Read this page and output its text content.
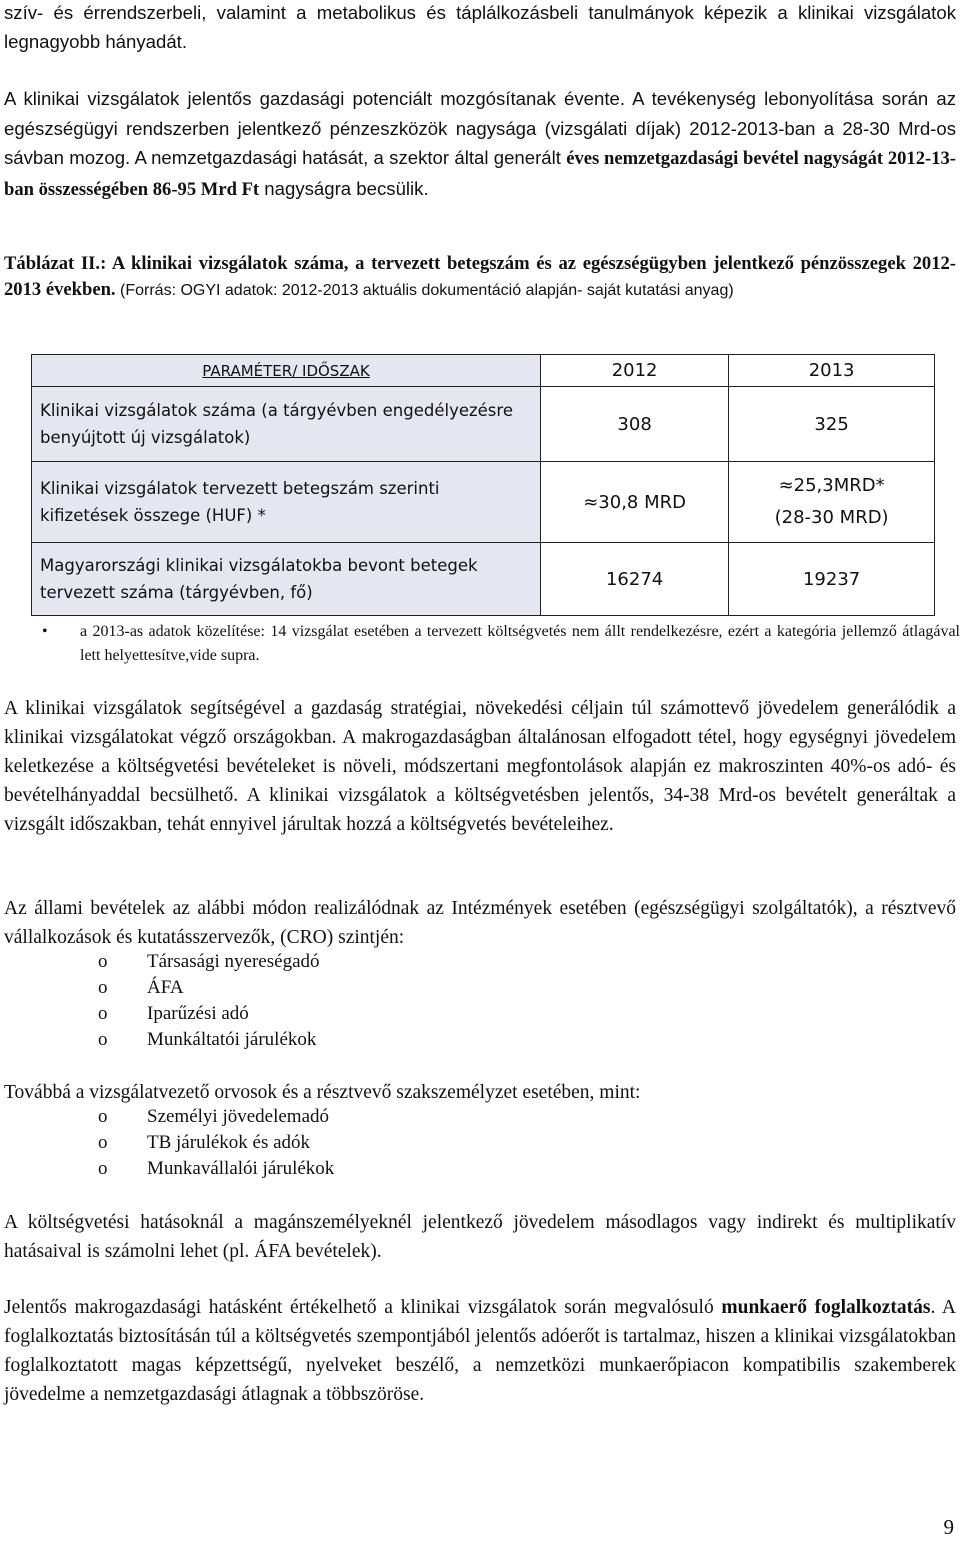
szív- és érrendszerbeli, valamint a metabolikus és táplálkozásbeli tanulmányok képezik a klinikai vizsgálatok legnagyobb hányadát.

A klinikai vizsgálatok jelentős gazdasági potenciált mozgósítanak évente. A tevékenység lebonyolítása során az egészségügyi rendszerben jelentkező pénzeszközök nagysága (vizsgálati díjak) 2012-2013-ban a 28-30 Mrd-os sávban mozog. A nemzetgazdasági hatását, a szektor által generált éves nemzetgazdasági bevétel nagyságát 2012-13-ban összességében 86-95 Mrd Ft nagyságra becsülik.

Táblázat II.: A klinikai vizsgálatok száma, a tervezett betegszám és az egészségügyben jelentkező pénzösszegek 2012-2013 években. (Forrás: OGYI adatok: 2012-2013 aktuális dokumentáció alapján- saját kutatási anyag)

PARAMÉTER/ IDŐSZAK	2012	2013
Klinikai vizsgálatok száma (a tárgyévben engedélyezésre benyújtott új vizsgálatok)	308	325
Klinikai vizsgálatok tervezett betegszám szerinti kifizetések összege (HUF) *	≈30,8 MRD	≈25,3MRD*
(28-30 MRD)

Magyarországi klinikai vizsgálatokba bevont betegek tervezett száma (tárgyévben, fő)	16274	19237
• a 2013-as adatok közelítése: 14 vizsgálat esetében a tervezett költségvetés nem állt rendelkezésre, ezért a kategória jellemző átlagával lett helyettesítve,vide supra.

A klinikai vizsgálatok segítségével a gazdaság stratégiai, növekedési céljain túl számottevő jövedelem generálódik a klinikai vizsgálatokat végző országokban. A makrogazdaságban általánosan elfogadott tétel, hogy egységnyi jövedelem keletkezése a költségvetési bevételeket is növeli, módszertani megfontolások alapján ez makroszinten 40%-os adó- és bevételhányaddal becsülhető. A klinikai vizsgálatok a költségvetésben jelentős, 34-38 Mrd-os bevételt generáltak a vizsgált időszakban, tehát ennyivel járultak hozzá a költségvetés bevételeihez.

Az állami bevételek az alábbi módon realizálódnak az Intézmények esetében (egészségügyi szolgáltatók), a résztvevő vállalkozások és kutatásszervezők, (CRO) szintjén:

o Társasági nyereségadó
o ÁFA
o Iparűzési adó
o Munkáltatói járulékok

Továbbá a vizsgálatvezető orvosok és a résztvevő szakszemélyzet esetében, mint:

o Személyi jövedelemadó
o TB járulékok és adók
o Munkavállalói járulékok

A költségvetési hatásoknál a magánszemélyeknél jelentkező jövedelem másodlagos vagy indirekt és multiplikatív hatásaival is számolni lehet (pl. ÁFA bevételek).

Jelentős makrogazdasági hatásként értékelhető a klinikai vizsgálatok során megvalósuló munkaerő foglalkoztatás. A foglalkoztatás biztosításán túl a költségvetés szempontjából jelentős adóerőt is tartalmaz, hiszen a klinikai vizsgálatokban foglalkoztatott magas képzettségű, nyelveket beszélő, a nemzetközi munkaerőpiacon kompatibilis szakemberek jövedelme a nemzetgazdasági átlagnak a többszöröse.

9
